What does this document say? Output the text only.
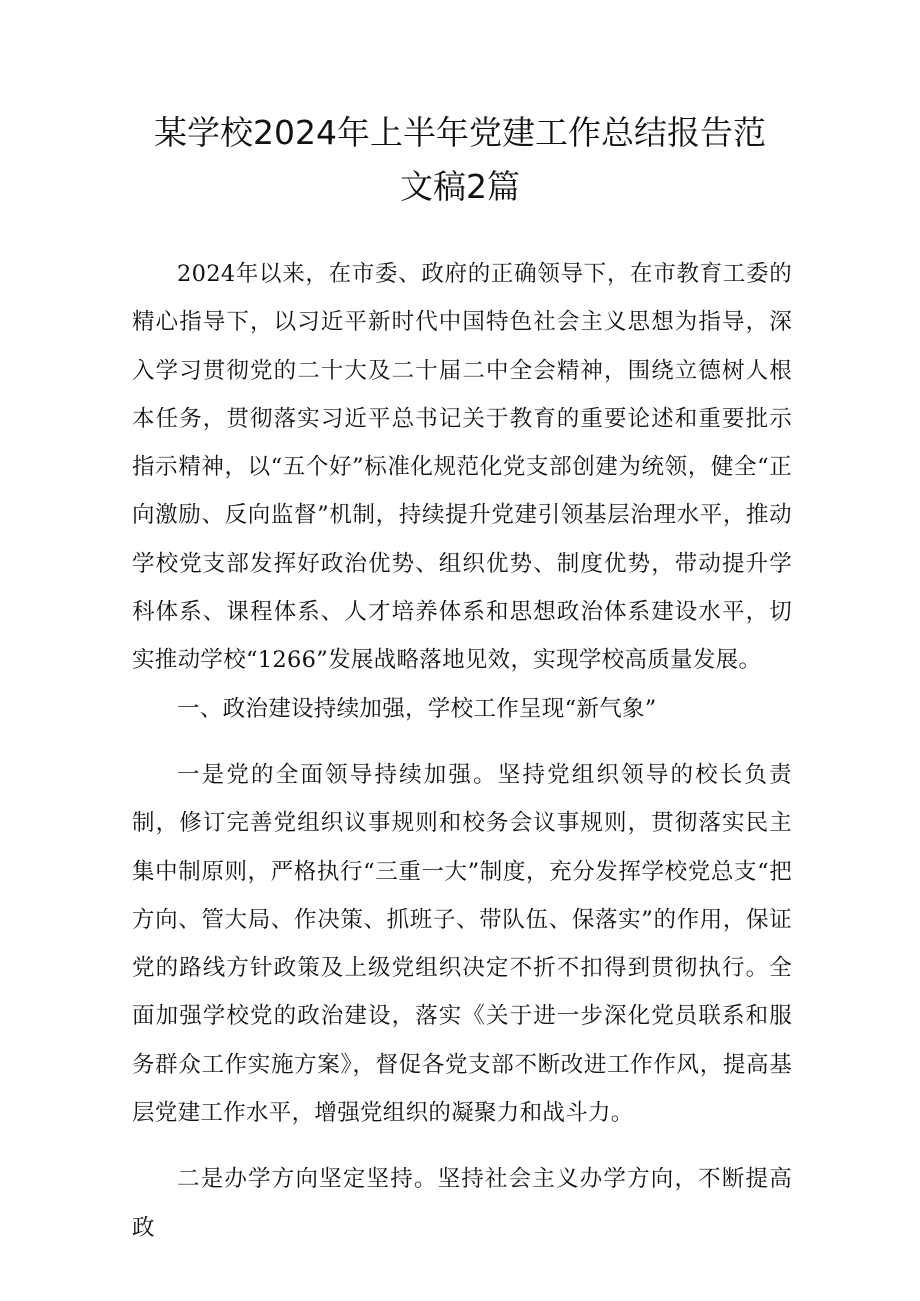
某学校2024年上半年党建工作总结报告范
文稿2篇

2024年以来，在市委、政府的正确领导下，在市教育工委的精心指导下，以习近平新时代中国特色社会主义思想为指导，深入学习贯彻党的二十大及二十届二中全会精神，围绕立德树人根本任务，贯彻落实习近平总书记关于教育的重要论述和重要批示指示精神，以“五个好”标准化规范化党支部创建为统领，健全“正向激励、反向监督”机制，持续提升党建引领基层治理水平，推动学校党支部发挥好政治优势、组织优势、制度优势，带动提升学科体系、课程体系、人才培养体系和思想政治体系建设水平，切实推动学校“1266”发展战略落地见效，实现学校高质量发展。

一、政治建设持续加强，学校工作呈现“新气象”

一是党的全面领导持续加强。坚持党组织领导的校长负责制，修订完善党组织议事规则和校务会议事规则，贯彻落实民主集中制原则，严格执行“三重一大”制度，充分发挥学校党总支“把方向、管大局、作决策、抓班子、带队伍、保落实”的作用，保证党的路线方针政策及上级党组织决定不折不扣得到贯彻执行。全面加强学校党的政治建设，落实《关于进一步深化党员联系和服务群众工作实施方案》，督促各党支部不断改进工作作风，提高基层党建工作水平，增强党组织的凝聚力和战斗力。

二是办学方向坚定坚持。坚持社会主义办学方向，不断提高政
